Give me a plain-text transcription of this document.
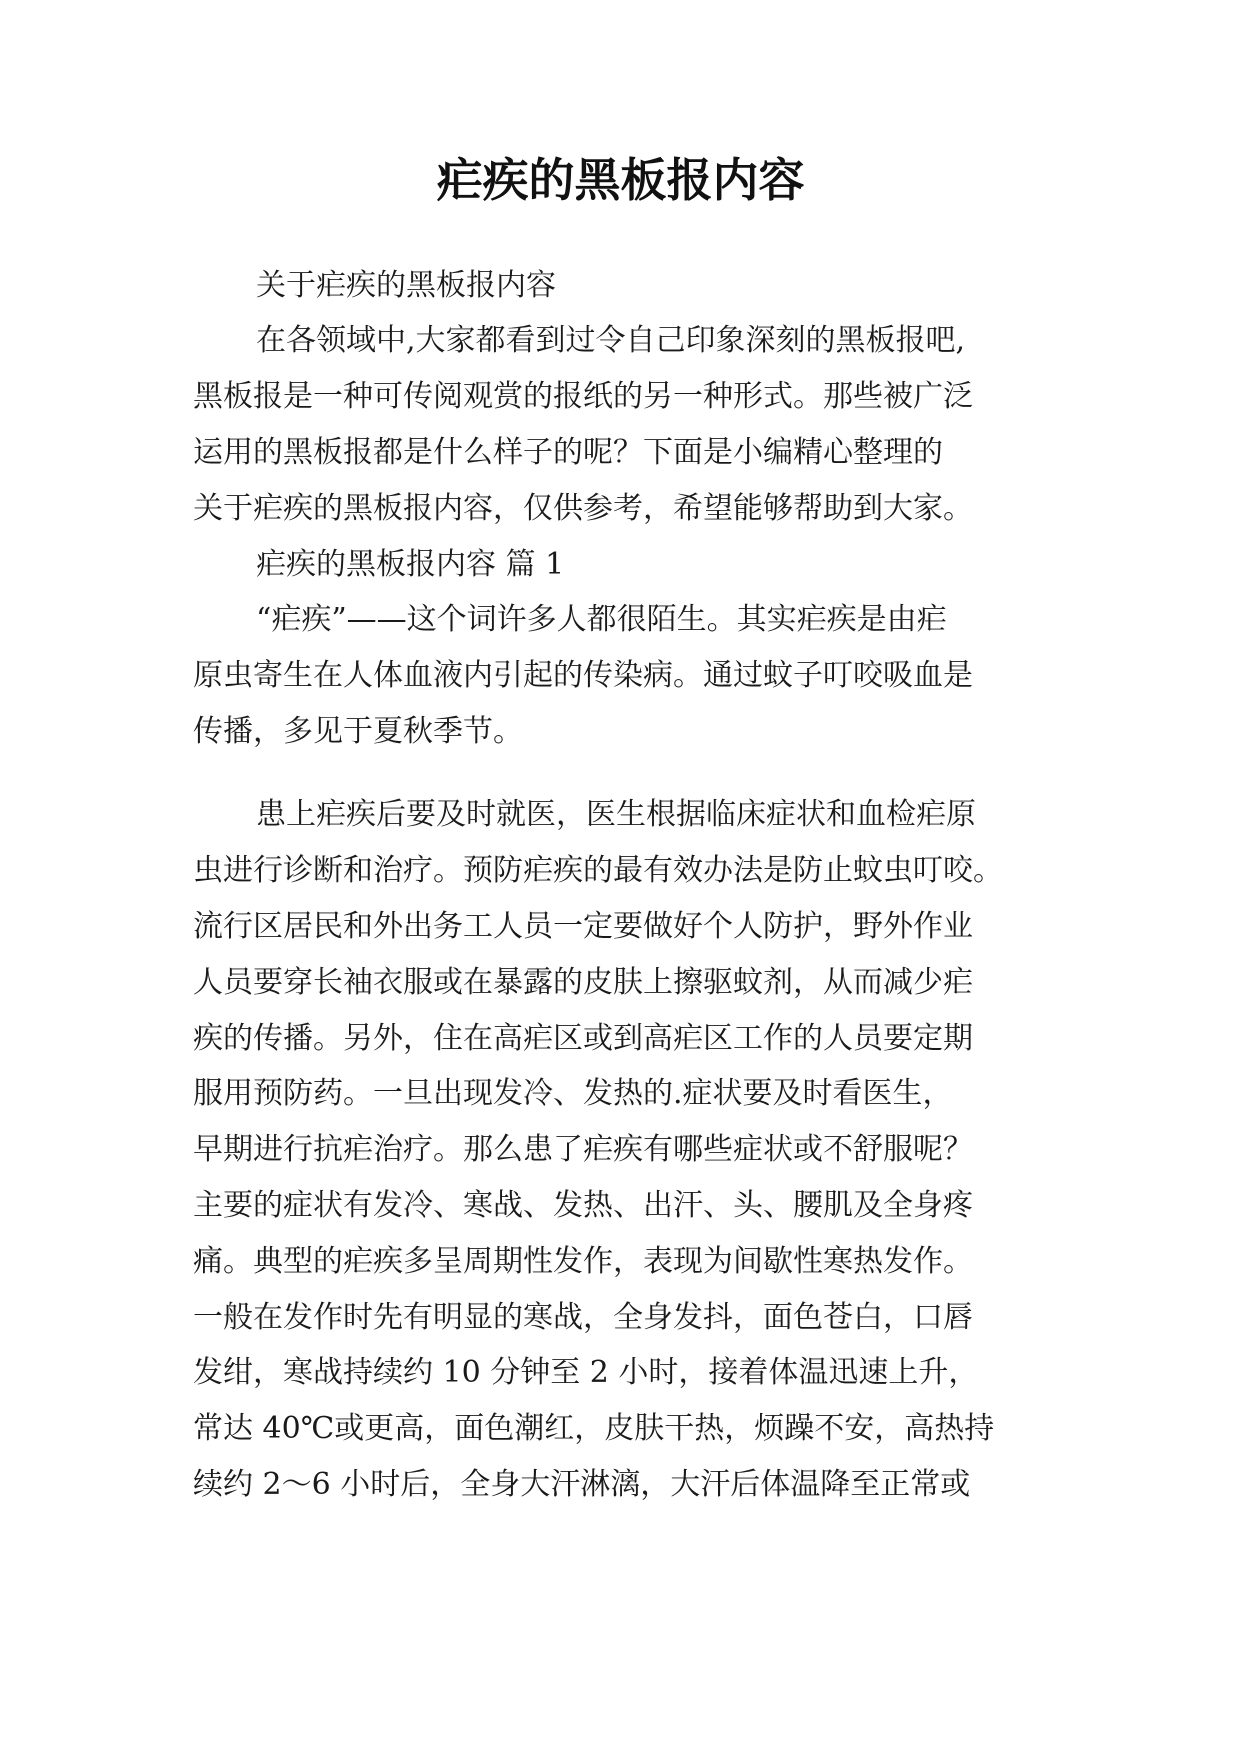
疟疾的黑板报内容

关于疟疾的黑板报内容

在各领域中,大家都看到过令自己印象深刻的黑板报吧,

黑板报是一种可传阅观赏的报纸的另一种形式。那些被广泛

运用的黑板报都是什么样子的呢？下面是小编精心整理的

关于疟疾的黑板报内容，仅供参考，希望能够帮助到大家。

疟疾的黑板报内容 篇 1

“疟疾”——这个词许多人都很陌生。其实疟疾是由疟

原虫寄生在人体血液内引起的传染病。通过蚊子叮咬吸血是

传播，多见于夏秋季节。

患上疟疾后要及时就医，医生根据临床症状和血检疟原

虫进行诊断和治疗。预防疟疾的最有效办法是防止蚊虫叮咬。

流行区居民和外出务工人员一定要做好个人防护，野外作业

人员要穿长袖衣服或在暴露的皮肤上擦驱蚊剂，从而减少疟

疾的传播。另外，住在高疟区或到高疟区工作的人员要定期

服用预防药。一旦出现发冷、发热的.症状要及时看医生，

早期进行抗疟治疗。那么患了疟疾有哪些症状或不舒服呢？

主要的症状有发冷、寒战、发热、出汗、头、腰肌及全身疼

痛。典型的疟疾多呈周期性发作，表现为间歇性寒热发作。

一般在发作时先有明显的寒战，全身发抖，面色苍白，口唇

发绀，寒战持续约 10 分钟至 2 小时，接着体温迅速上升，

常达 40℃或更高，面色潮红，皮肤干热，烦躁不安，高热持

续约 2～6 小时后，全身大汗淋漓，大汗后体温降至正常或
